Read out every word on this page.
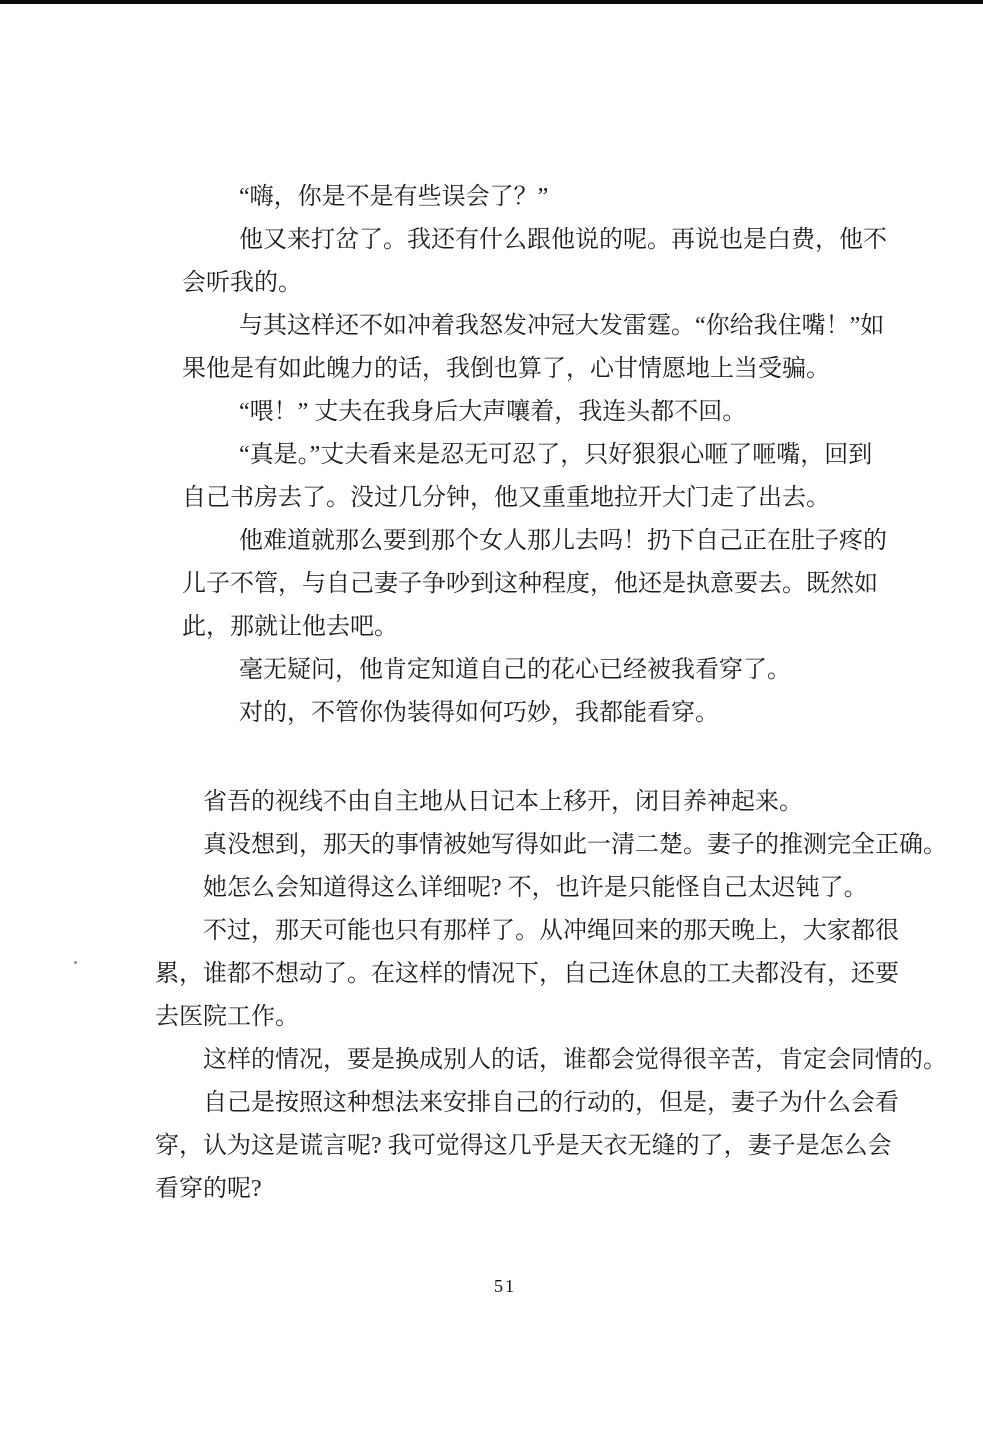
“嗨，你是不是有些误会了？”
他又来打岔了。我还有什么跟他说的呢。再说也是白费，他不
会听我的。
与其这样还不如冲着我怒发冲冠大发雷霆。“你给我住嘴！”如
果他是有如此魄力的话，我倒也算了，心甘情愿地上当受骗。
“喂！” 丈夫在我身后大声嚷着，我连头都不回。
“真是。”丈夫看来是忍无可忍了，只好狠狠心咂了咂嘴，回到
自己书房去了。没过几分钟，他又重重地拉开大门走了出去。
他难道就那么要到那个女人那儿去吗！扔下自己正在肚子疼的
儿子不管，与自己妻子争吵到这种程度，他还是执意要去。既然如
此，那就让他去吧。
毫无疑问，他肯定知道自己的花心已经被我看穿了。
对的，不管你伪装得如何巧妙，我都能看穿。
省吾的视线不由自主地从日记本上移开，闭目养神起来。
真没想到，那天的事情被她写得如此一清二楚。妻子的推测完全正确。
她怎么会知道得这么详细呢? 不，也许是只能怪自己太迟钝了。
不过，那天可能也只有那样了。从冲绳回来的那天晚上，大家都很
累，谁都不想动了。在这样的情况下，自己连休息的工夫都没有，还要
去医院工作。
这样的情况，要是换成别人的话，谁都会觉得很辛苦，肯定会同情的。
自己是按照这种想法来安排自己的行动的，但是，妻子为什么会看
穿，认为这是谎言呢? 我可觉得这几乎是天衣无缝的了，妻子是怎么会
看穿的呢?
51
